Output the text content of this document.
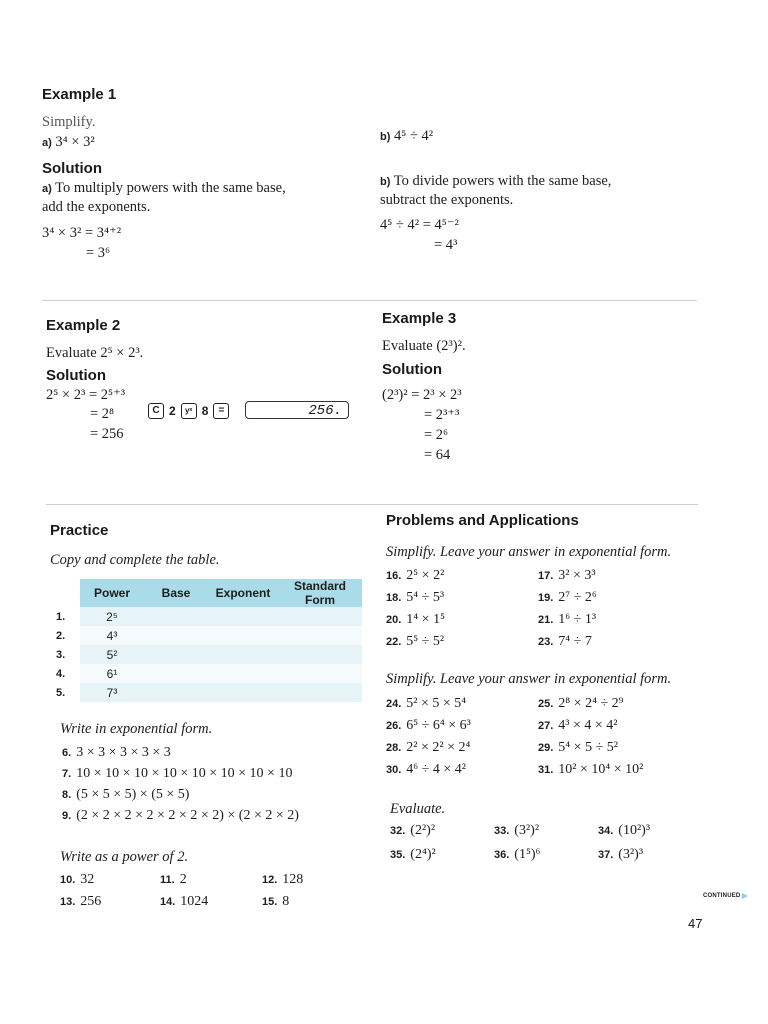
Example 1
Simplify.
a) 3⁴ × 3²	b) 4⁵ ÷ 4²
Solution
a) To multiply powers with the same base,
add the exponents.
3⁴ × 3² = 3⁴⁺²
= 3⁶
b) To divide powers with the same base,
subtract the exponents.
4⁵ ÷ 4² = 4⁵⁻²
= 4³
Example 2
Evaluate 2⁵ × 2³.
Solution
2⁵ × 2³ = 2⁵⁺³
= 2⁸
= 256
C 2	yˣ 8	=	256.
Example 3
Evaluate (2³)².
Solution
(2³)² = 2³ × 2³
= 2³⁺³
= 2⁶
= 64
Practice
Copy and complete the table.
	Power	Base	Exponent	Standard Form
1.	2⁵			
2.	4³			
3.	5²			
4.	6¹			
5.	7³			
Write in exponential form.
6. 3 × 3 × 3 × 3 × 3
7. 10 × 10 × 10 × 10 × 10 × 10 × 10 × 10
8. (5 × 5 × 5) × (5 × 5)
9. (2 × 2 × 2 × 2 × 2 × 2 × 2) × (2 × 2 × 2)
Write as a power of 2.
10. 32	11. 2	12. 128
13. 256	14. 1024	15. 8
Problems and Applications
Simplify. Leave your answer in exponential form.
16. 2⁵ × 2²	17. 3² × 3³
18. 5⁴ ÷ 5³	19. 2⁷ ÷ 2⁶
20. 1⁴ × 1⁵	21. 1⁶ ÷ 1³
22. 5⁵ ÷ 5²	23. 7⁴ ÷ 7
Simplify. Leave your answer in exponential form.
24. 5² × 5 × 5⁴	25. 2⁸ × 2⁴ ÷ 2⁹
26. 6⁵ ÷ 6⁴ × 6³	27. 4³ × 4 × 4²
28. 2² × 2² × 2⁴	29. 5⁴ × 5 ÷ 5²
30. 4⁶ ÷ 4 × 4²	31. 10² × 10⁴ × 10²
Evaluate.
32. (2²)²	33. (3²)²	34. (10²)³
35. (2⁴)²	36. (1⁵)⁶	37. (3²)³
CONTINUED
47
